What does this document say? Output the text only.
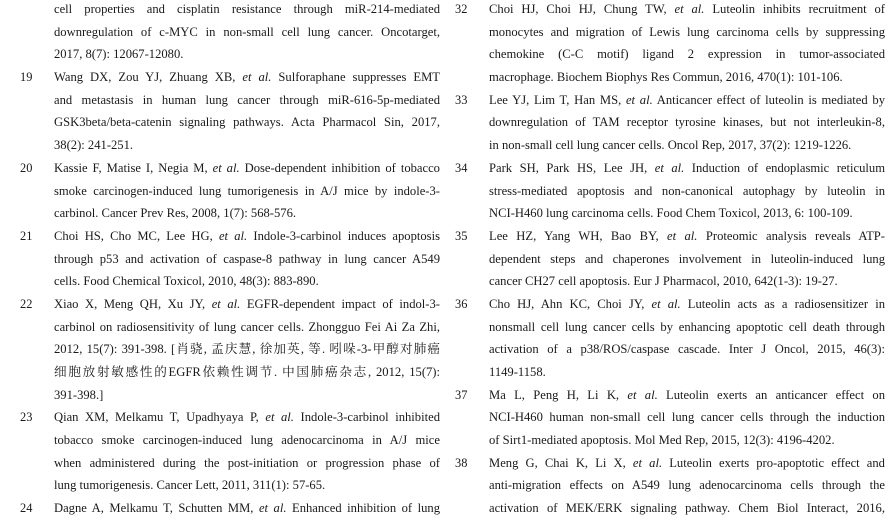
cell properties and cisplatin resistance through miR-214-mediated
downregulation of c-MYC in non-small cell lung cancer. Oncotarget,
2017, 8(7): 12067-12080.
19	Wang DX, Zou YJ, Zhuang XB, et al. Sulforaphane suppresses EMT
and metastasis in human lung cancer through miR-616-5p-mediated
GSK3beta/beta-catenin signaling pathways. Acta Pharmacol Sin, 2017,
38(2): 241-251.
20	Kassie F, Matise I, Negia M, et al. Dose-dependent inhibition of tobacco
smoke carcinogen-induced lung tumorigenesis in A/J mice by indole-3-
carbinol. Cancer Prev Res, 2008, 1(7): 568-576.
21	Choi HS, Cho MC, Lee HG, et al. Indole-3-carbinol induces apoptosis
through p53 and activation of caspase-8 pathway in lung cancer A549
cells. Food Chemical Toxicol, 2010, 48(3): 883-890.
22	Xiao X, Meng QH, Xu JY, et al. EGFR-dependent impact of indol-3-
carbinol on radiosensitivity of lung cancer cells. Zhongguo Fei Ai Za Zhi,
2012, 15(7): 391-398. [肖骁, 孟庆慧, 徐加英, 等. 吲哚-3-甲醇对肺癌
细胞放射敏感性的EGFR依赖性调节. 中国肺癌杂志, 2012, 15(7):
391-398.]
23	Qian XM, Melkamu T, Upadhyaya P, et al. Indole-3-carbinol inhibited
tobacco smoke carcinogen-induced lung adenocarcinoma in A/J mice
when administered during the post-initiation or progression phase of
lung tumorigenesis. Cancer Lett, 2011, 311(1): 57-65.
24	Dagne A, Melkamu T, Schutten MM, et al. Enhanced inhibition of lung
32	Choi HJ, Choi HJ, Chung TW, et al. Luteolin inhibits recruitment of
monocytes and migration of Lewis lung carcinoma cells by suppressing
chemokine (C-C motif) ligand 2 expression in tumor-associated
macrophage. Biochem Biophys Res Commun, 2016, 470(1): 101-106.
33	Lee YJ, Lim T, Han MS, et al. Anticancer effect of luteolin is mediated by
downregulation of TAM receptor tyrosine kinases, but not interleukin-8,
in non-small cell lung cancer cells. Oncol Rep, 2017, 37(2): 1219-1226.
34	Park SH, Park HS, Lee JH, et al. Induction of endoplasmic reticulum
stress-mediated apoptosis and non-canonical autophagy by luteolin in
NCI-H460 lung carcinoma cells. Food Chem Toxicol, 2013, 6: 100-109.
35	Lee HZ, Yang WH, Bao BY, et al. Proteomic analysis reveals ATP-
dependent steps and chaperones involvement in luteolin-induced lung
cancer CH27 cell apoptosis. Eur J Pharmacol, 2010, 642(1-3): 19-27.
36	Cho HJ, Ahn KC, Choi JY, et al. Luteolin acts as a radiosensitizer in
nonsmall cell lung cancer cells by enhancing apoptotic cell death through
activation of a p38/ROS/caspase cascade. Inter J Oncol, 2015, 46(3):
1149-1158.
37	Ma L, Peng H, Li K, et al. Luteolin exerts an anticancer effect on
NCI-H460 human non-small cell lung cancer cells through the induction
of Sirt1-mediated apoptosis. Mol Med Rep, 2015, 12(3): 4196-4202.
38	Meng G, Chai K, Li X, et al. Luteolin exerts pro-apoptotic effect and
anti-migration effects on A549 lung adenocarcinoma cells through the
activation of MEK/ERK signaling pathway. Chem Biol Interact, 2016,
